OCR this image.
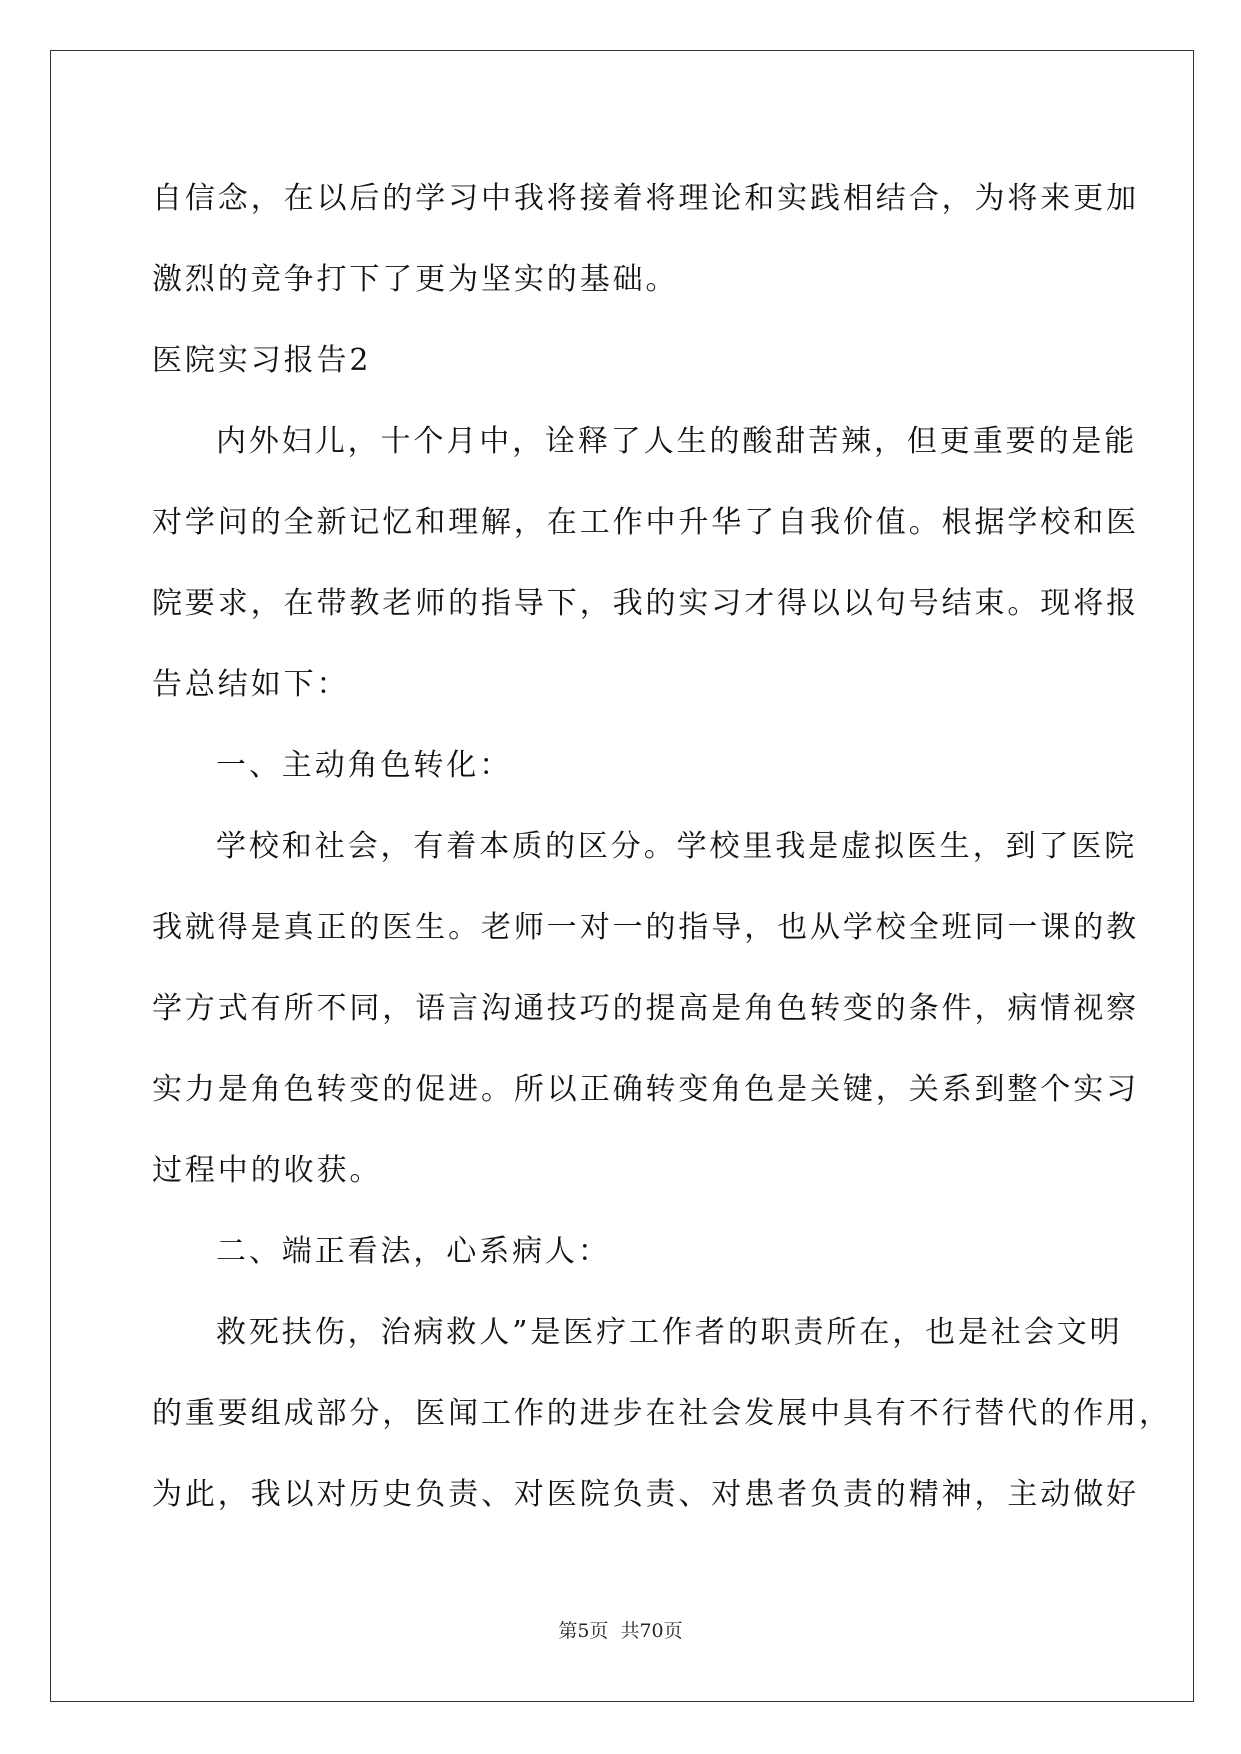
自信念，在以后的学习中我将接着将理论和实践相结合，为将来更加
激烈的竞争打下了更为坚实的基础。
医院实习报告2
内外妇儿，十个月中，诠释了人生的酸甜苦辣，但更重要的是能
对学问的全新记忆和理解，在工作中升华了自我价值。根据学校和医
院要求，在带教老师的指导下，我的实习才得以以句号结束。现将报
告总结如下：
一、主动角色转化：
学校和社会，有着本质的区分。学校里我是虚拟医生，到了医院
我就得是真正的医生。老师一对一的指导，也从学校全班同一课的教
学方式有所不同，语言沟通技巧的提高是角色转变的条件，病情视察
实力是角色转变的促进。所以正确转变角色是关键，关系到整个实习
过程中的收获。
二、端正看法，心系病人：
救死扶伤，治病救人”是医疗工作者的职责所在，也是社会文明
的重要组成部分，医闻工作的进步在社会发展中具有不行替代的作用，
为此，我以对历史负责、对医院负责、对患者负责的精神，主动做好
第5页 共70页
